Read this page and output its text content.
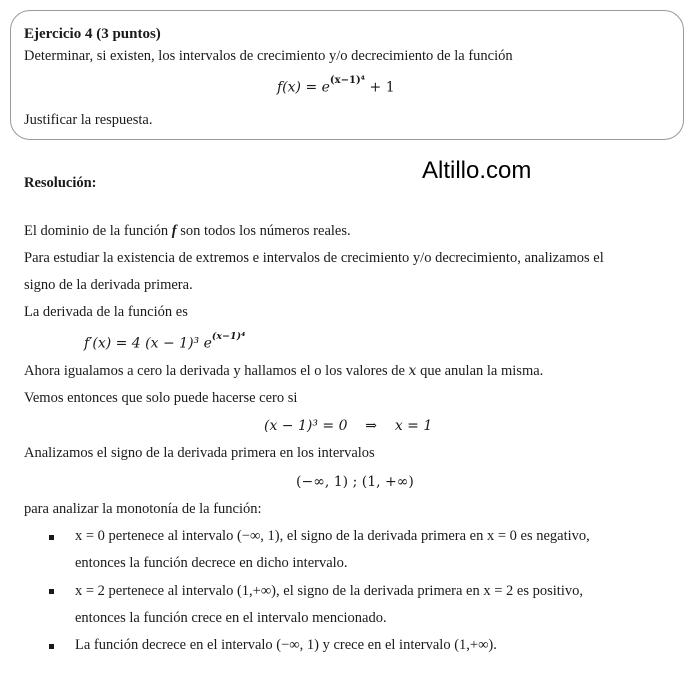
Ejercicio 4 (3 puntos)
Determinar, si existen, los intervalos de crecimiento y/o decrecimiento de la función
$f(x) = e^{(x-1)^4} + 1$
Justificar la respuesta.
Altillo.com
Resolución:
El dominio de la función f son todos los números reales.
Para estudiar la existencia de extremos e intervalos de crecimiento y/o decrecimiento, analizamos el
signo de la derivada primera.
La derivada de la función es
f′(x) = 4 (x − 1)³ $e^{(x-1)^4}$
Ahora igualamos a cero la derivada y hallamos el o los valores de x que anulan la misma.
Vemos entonces que solo puede hacerse cero si
(x − 1)³ = 0    ⇒    x = 1
Analizamos el signo de la derivada primera en los intervalos
(−∞, 1) ; (1, +∞)
para analizar la monotonía de la función:
x = 0 pertenece al intervalo (−∞, 1), el signo de la derivada primera en x = 0 es negativo,
entonces la función decrece en dicho intervalo.
x = 2 pertenece al intervalo (1,+∞), el signo de la derivada primera en x = 2 es positivo,
entonces la función crece en el intervalo mencionado.
La función decrece en el intervalo (−∞, 1) y crece en el intervalo (1,+∞).
